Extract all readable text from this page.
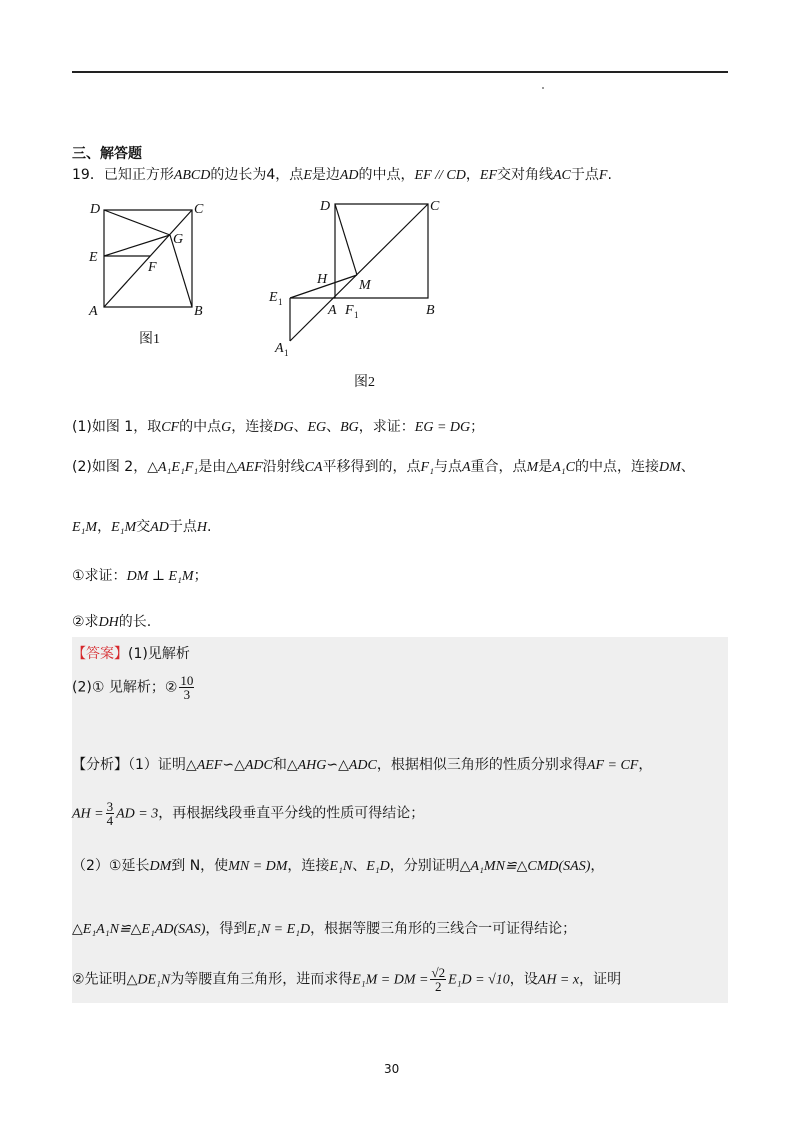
三、解答题
19．已知正方形ABCD的边长为4，点E是边AD的中点，EF // CD，EF交对角线AC于点F.
D	C
E
G
F
A	B
图1
D	C
H M
E 1
A F 1	B
A 1
图2
(1)如图 1，取CF的中点G，连接DG、EG、BG，求证：EG = DG；
(2)如图 2，△A₁E₁F₁是由△AEF沿射线CA平移得到的，点F₁与点A重合，点M是A₁C的中点，连接DM、
E₁M，E₁M交AD于点H.
①求证：DM ⊥ E₁M；
②求DH的长.
【答案】(1)见解析
(2)① 见解析；② $\frac{10}{3}$
【分析】（1）证明△AEF∽△ADC和△AHG∽△ADC，根据相似三角形的性质分别求得AF = CF，
AH = $\frac{3}{4}$ AD = 3，再根据线段垂直平分线的性质可得结论；
（2）①延长DM到 N，使MN = DM，连接E₁N、E₁D，分别证明△A₁MN≌△CMD(SAS)，
△E₁A₁N≌△E₁AD(SAS)，得到E₁N = E₁D，根据等腰三角形的三线合一可证得结论；
②先证明△DE₁N为等腰直角三角形，进而求得E₁M = DM = $\frac{√2}{2} E_1D = √10$，设AH = x，证明
30
